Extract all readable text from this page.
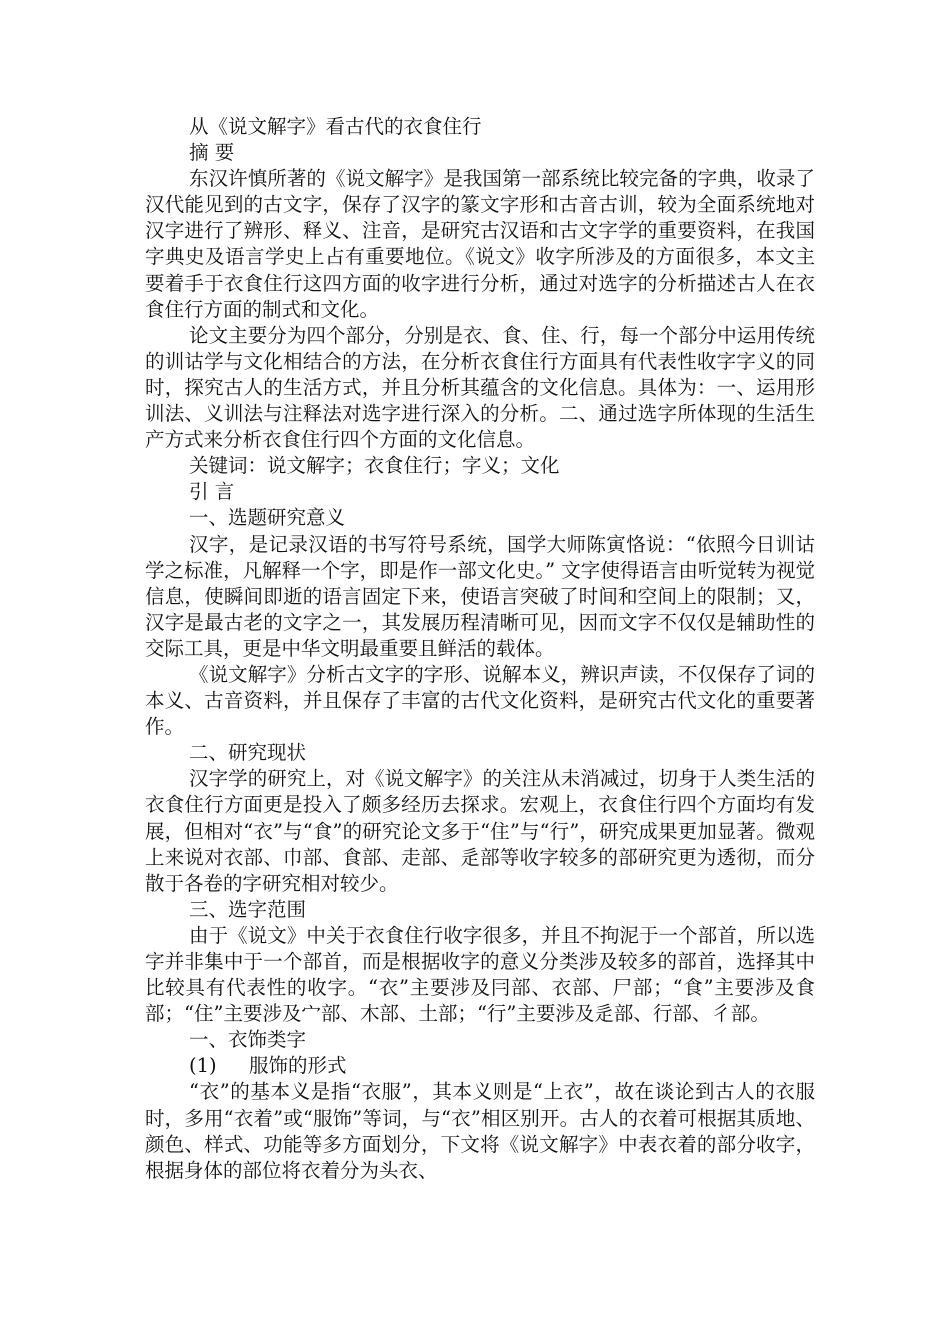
从《说文解字》看古代的衣食住行

摘 要

东汉许慎所著的《说文解字》是我国第一部系统比较完备的字典，收录了汉代能见到的古文字，保存了汉字的篆文字形和古音古训，较为全面系统地对汉字进行了辨形、释义、注音，是研究古汉语和古文字学的重要资料，在我国字典史及语言学史上占有重要地位。《说文》收字所涉及的方面很多，本文主要着手于衣食住行这四方面的收字进行分析，通过对选字的分析描述古人在衣食住行方面的制式和文化。

论文主要分为四个部分，分别是衣、食、住、行，每一个部分中运用传统的训诂学与文化相结合的方法，在分析衣食住行方面具有代表性收字字义的同时，探究古人的生活方式，并且分析其蕴含的文化信息。具体为：一、运用形训法、义训法与注释法对选字进行深入的分析。二、通过选字所体现的生活生产方式来分析衣食住行四个方面的文化信息。

关键词：说文解字；衣食住行；字义；文化

引 言

一、选题研究意义

汉字，是记录汉语的书写符号系统，国学大师陈寅恪说：“依照今日训诂学之标准，凡解释一个字，即是作一部文化史。” 文字使得语言由听觉转为视觉信息，使瞬间即逝的语言固定下来，使语言突破了时间和空间上的限制；又，汉字是最古老的文字之一，其发展历程清晰可见，因而文字不仅仅是辅助性的交际工具，更是中华文明最重要且鲜活的载体。

《说文解字》分析古文字的字形、说解本义，辨识声读，不仅保存了词的本义、古音资料，并且保存了丰富的古代文化资料，是研究古代文化的重要著作。

二、研究现状

汉字学的研究上，对《说文解字》的关注从未消减过，切身于人类生活的衣食住行方面更是投入了颇多经历去探求。宏观上，衣食住行四个方面均有发展，但相对“衣”与“食”的研究论文多于“住”与“行”，研究成果更加显著。微观上来说对衣部、巾部、食部、走部、辵部等收字较多的部研究更为透彻，而分散于各卷的字研究相对较少。

三、选字范围

由于《说文》中关于衣食住行收字很多，并且不拘泥于一个部首，所以选字并非集中于一个部首，而是根据收字的意义分类涉及较多的部首，选择其中比较具有代表性的收字。“衣”主要涉及冃部、衣部、尸部；“食”主要涉及食部；“住”主要涉及宀部、木部、土部；“行”主要涉及辵部、行部、彳部。

一、衣饰类字

(1) 服饰的形式

“衣”的基本义是指“衣服”，其本义则是“上衣”，故在谈论到古人的衣服时，多用“衣着”或“服饰”等词，与“衣”相区别开。古人的衣着可根据其质地、颜色、样式、功能等多方面划分，下文将《说文解字》中表衣着的部分收字，根据身体的部位将衣着分为头衣、
